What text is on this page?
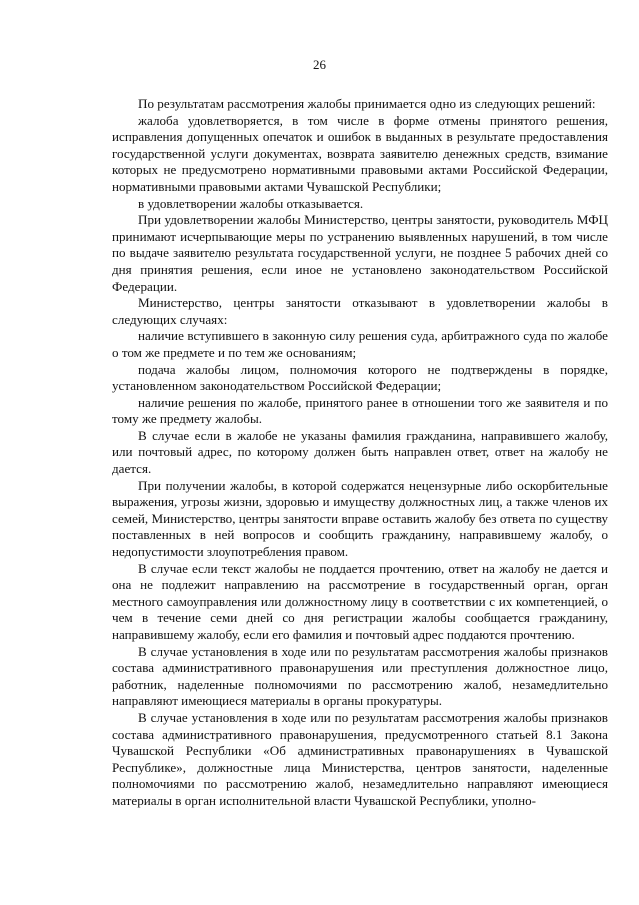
26

По результатам рассмотрения жалобы принимается одно из следующих решений:

жалоба удовлетворяется, в том числе в форме отмены принятого решения, исправления допущенных опечаток и ошибок в выданных в результате предоставления государственной услуги документах, возврата заявителю денежных средств, взимание которых не предусмотрено нормативными правовыми актами Российской Федерации, нормативными правовыми актами Чувашской Республики;

в удовлетворении жалобы отказывается.

При удовлетворении жалобы Министерство, центры занятости, руководитель МФЦ принимают исчерпывающие меры по устранению выявленных нарушений, в том числе по выдаче заявителю результата государственной услуги, не позднее 5 рабочих дней со дня принятия решения, если иное не установлено законодательством Российской Федерации.

Министерство, центры занятости отказывают в удовлетворении жалобы в следующих случаях:

наличие вступившего в законную силу решения суда, арбитражного суда по жалобе о том же предмете и по тем же основаниям;

подача жалобы лицом, полномочия которого не подтверждены в порядке, установленном законодательством Российской Федерации;

наличие решения по жалобе, принятого ранее в отношении того же заявителя и по тому же предмету жалобы.

В случае если в жалобе не указаны фамилия гражданина, направившего жалобу, или почтовый адрес, по которому должен быть направлен ответ, ответ на жалобу не дается.

При получении жалобы, в которой содержатся нецензурные либо оскорбительные выражения, угрозы жизни, здоровью и имуществу должностных лиц, а также членов их семей, Министерство, центры занятости вправе оставить жалобу без ответа по существу поставленных в ней вопросов и сообщить гражданину, направившему жалобу, о недопустимости злоупотребления правом.

В случае если текст жалобы не поддается прочтению, ответ на жалобу не дается и она не подлежит направлению на рассмотрение в государственный орган, орган местного самоуправления или должностному лицу в соответствии с их компетенцией, о чем в течение семи дней со дня регистрации жалобы сообщается гражданину, направившему жалобу, если его фамилия и почтовый адрес поддаются прочтению.

В случае установления в ходе или по результатам рассмотрения жалобы признаков состава административного правонарушения или преступления должностное лицо, работник, наделенные полномочиями по рассмотрению жалоб, незамедлительно направляют имеющиеся материалы в органы прокуратуры.

В случае установления в ходе или по результатам рассмотрения жалобы признаков состава административного правонарушения, предусмотренного статьей 8.1 Закона Чувашской Республики «Об административных правонарушениях в Чувашской Республике», должностные лица Министерства, центров занятости, наделенные полномочиями по рассмотрению жалоб, незамедлительно направляют имеющиеся материалы в орган исполнительной власти Чувашской Республики, уполно-
